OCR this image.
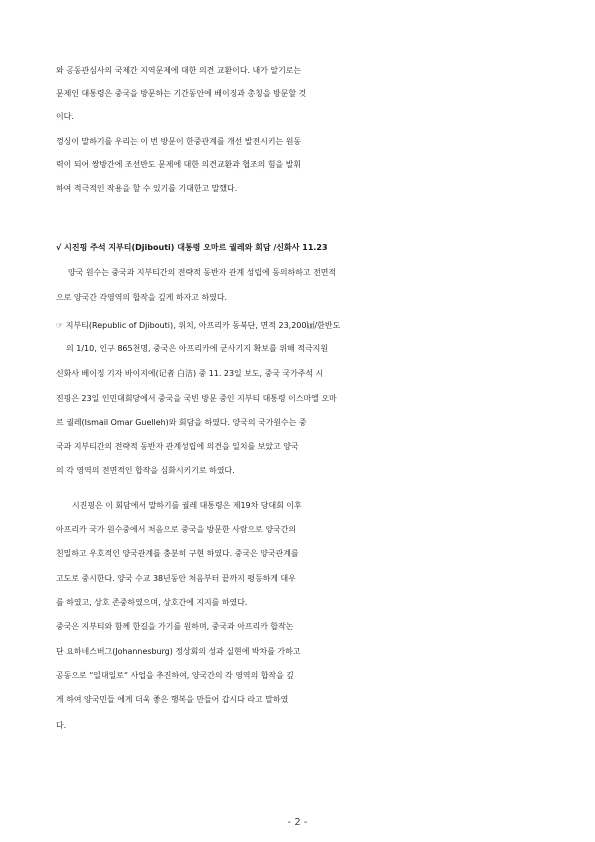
와 공동관심사의 국제간 지역문제에 대한 의견 교환이다. 내가 알기로는
문제인 대통령은 중국을 방문하는 기간동안에 베이징과 총칭을 방문할 것
이다.
껑싱이 말하기를 우리는 이 번 방문이 한중관계를 개선 발전시키는 원동
력이 되어 쌍방간에 조선반도 문제에 대한 의견교환과 협조의 힘을 발휘
하여 적극적인 작용을 할 수 있기를 기대한고 말했다.
√ 시진핑 주석 지부티(Djibouti) 대통령 오마르 궐레와 회담 /신화사 11.23
양국 원수는 중국과 지부티간의 전략적 동반자 관계 성립에 동의하하고 전면적
으로 양국간 각영역의 합작을 깊게 하자고 하였다.
☞ 지부티(Republic of Djibouti), 위치, 아프리카 동북단, 면적 23,200㎢/한반도
의 1/10, 인구 865천명, 중국은 아프리카에 군사기지 확보를 위해 적극지원
신화사 베이징 기자 바이지에(记者 白洁) 중 11. 23일 보도, 중국 국가주석 시
진핑은 23일 인민대회당에서 중국을 국빈 방문 중인 지부티 대통령 이스마엘 오마
르 궐레(Ismail Omar Guelleh)와 회담을 하였다. 양국의 국가원수는 중
국과 지부티간의 전략적 동반자 관계성립에 의견을 일치를 보았고 양국
의 각 영역의 전면적인 합작을 심화시키기로 하였다.
시진핑은 이 회담에서 말하기를 궐레 대통령은 제19차 당대회 이후
아프리카 국가 원수중에서 처음으로 중국을 방문한 사람으로 양국간의
친밀하고 우호적인 양국관계를 충분히 구현 하였다. 중국은 양국관계를
고도로 중시한다. 양국 수교 38년동안 처음부터 끝까지 평등하게 대우
를 하였고, 상호 존중하였으며, 상호간에 지지를 하였다.
중국은 지부티와 함께 한길을 가기를 원하며, 중국과 아프리카 합작논
단 요하네스버그(Johannesburg) 정상회의 성과 실현에 박차를 가하고
공동으로 “일대일로“ 사업을 추진하여, 양국간의 각 영역의 합작을 깊
게 하여 양국민들 에게 더욱 좋은 행복을 만들어 갑시다 라고 말하였
다.
- 2 -
